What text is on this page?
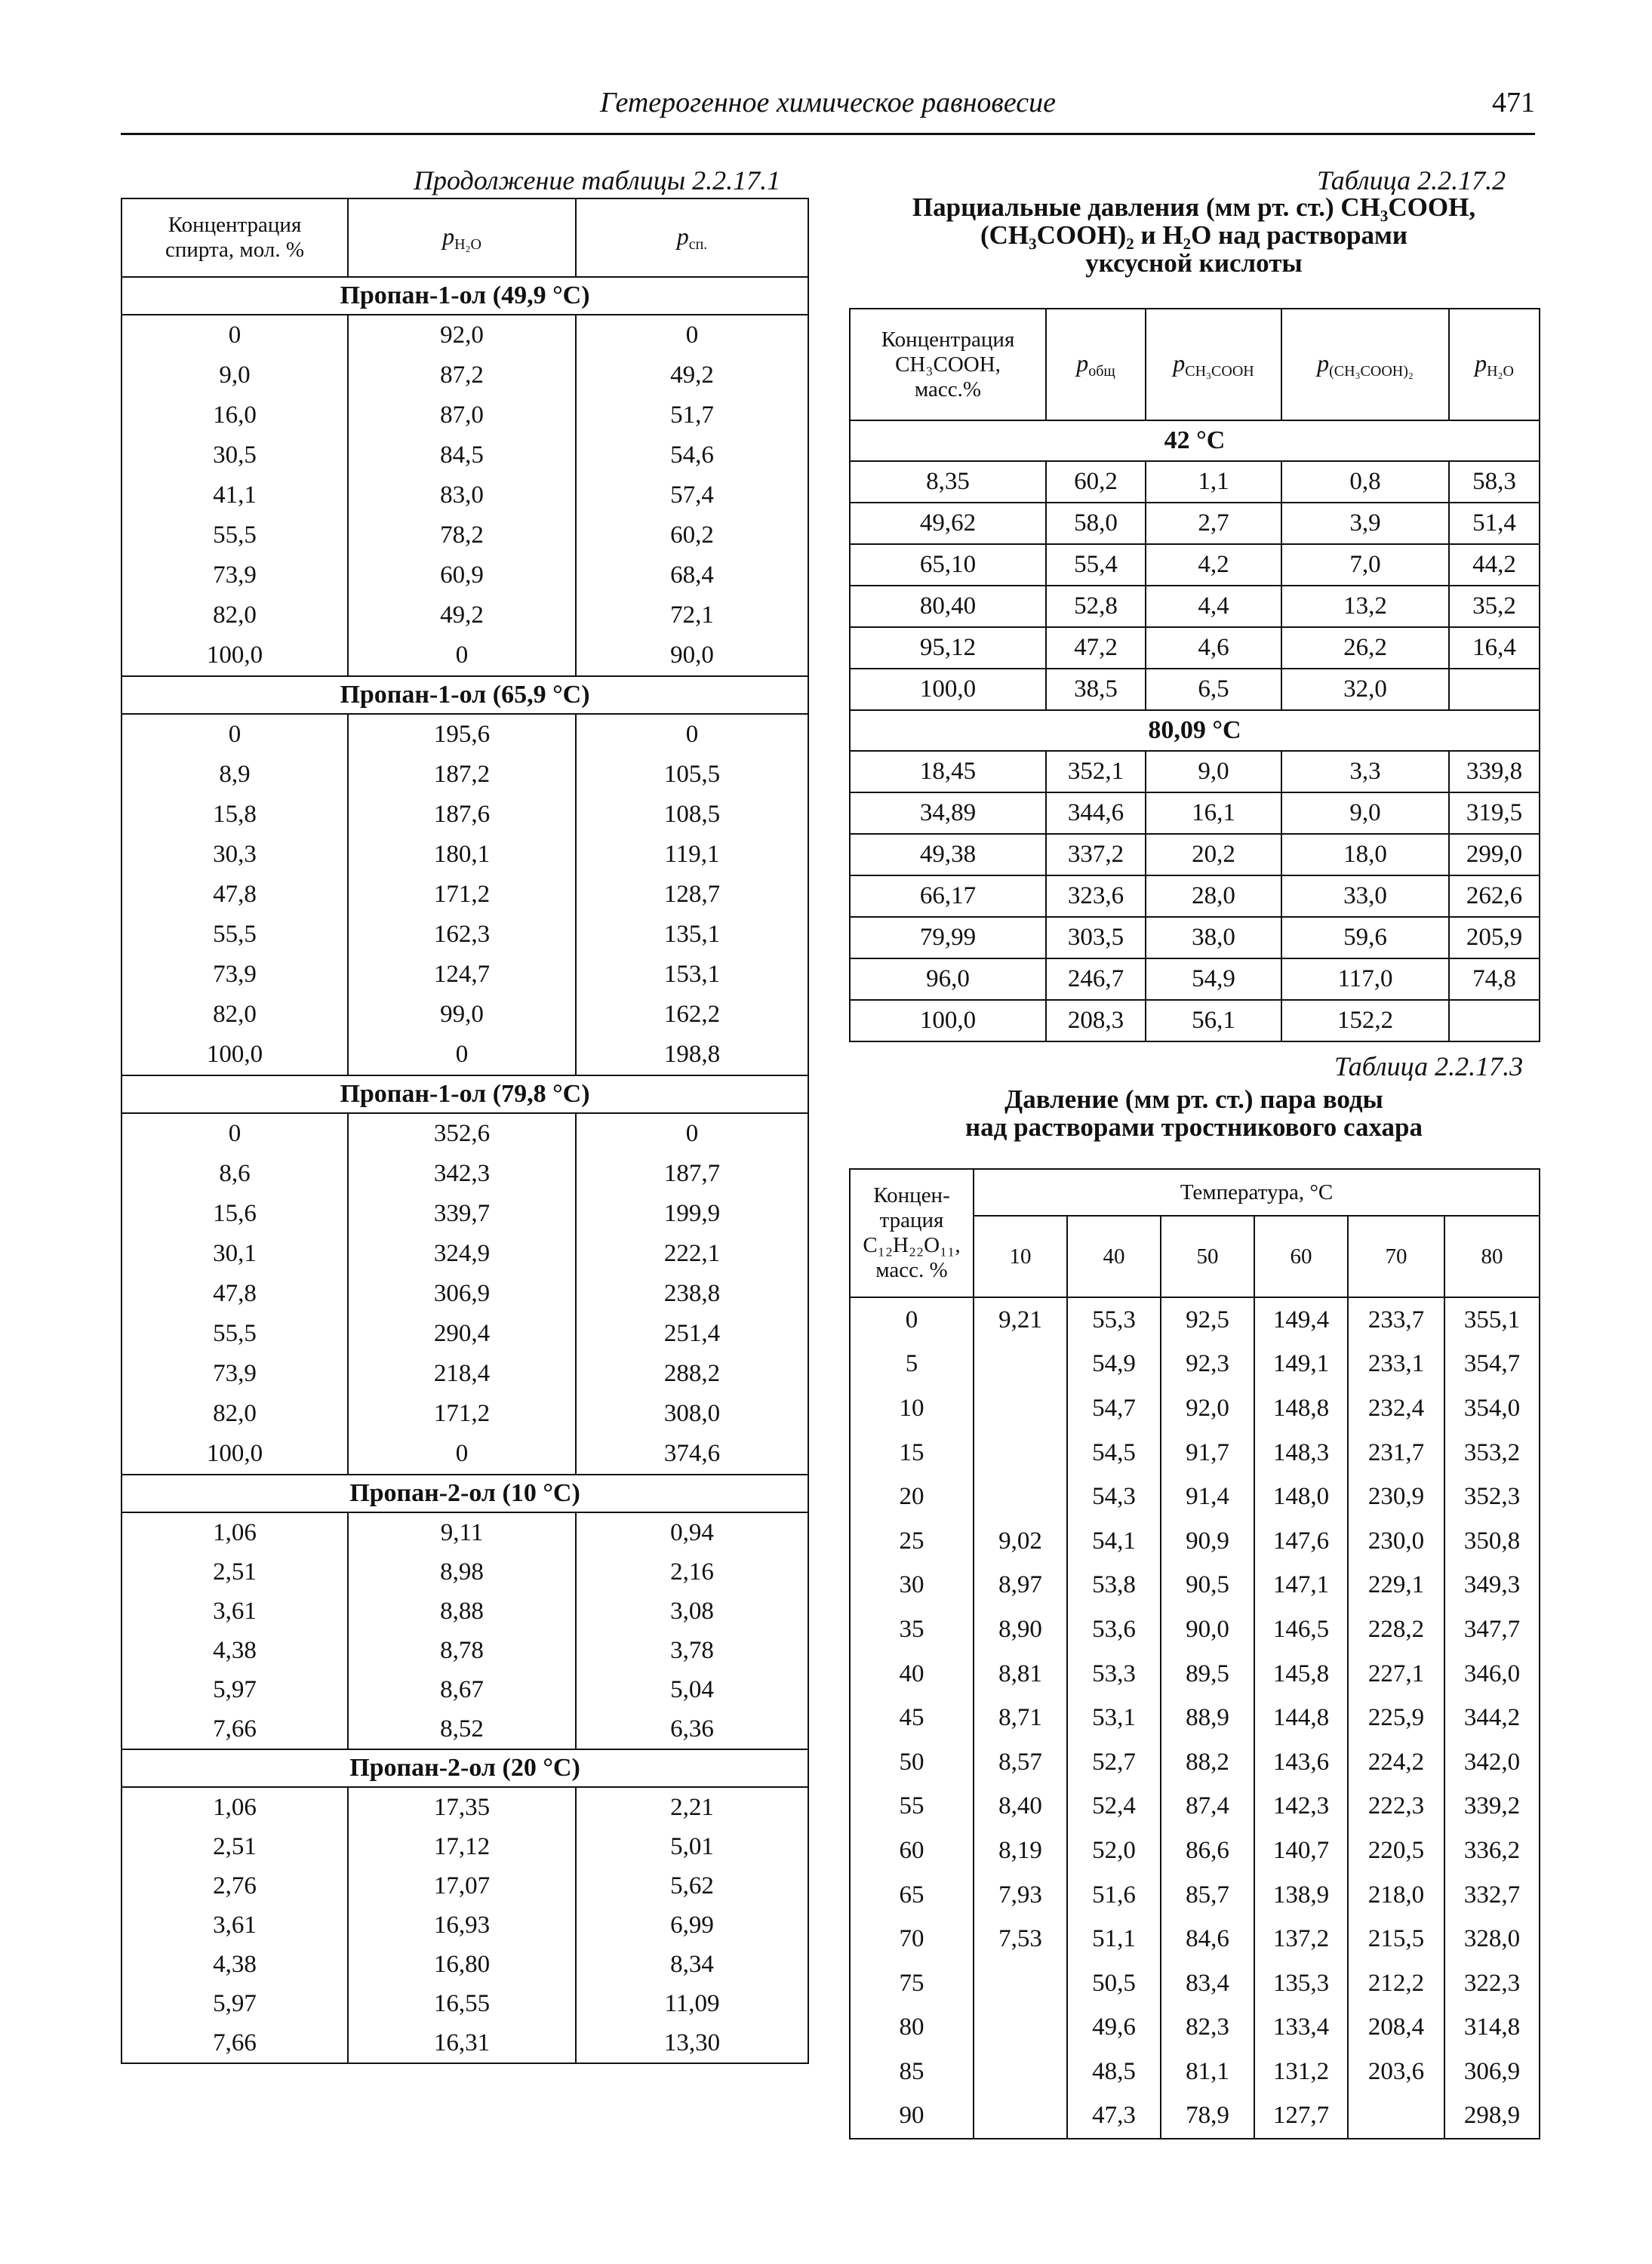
Гетерогенное химическое равновесие	471
Продолжение таблицы 2.2.17.1
Концентрация
спирта, мол. %	$p_{H_2O}$	$p_{сп.}$
Пропан-1-ол (49,9 °С)		
0	92,0	0
9,0	87,2	49,2
16,0	87,0	51,7
30,5	84,5	54,6
41,1	83,0	57,4
55,5	78,2	60,2
73,9	60,9	68,4
82,0	49,2	72,1
100,0	0	90,0
Пропан-1-ол (65,9 °С)		
0	195,6	0
8,9	187,2	105,5
15,8	187,6	108,5
30,3	180,1	119,1
47,8	171,2	128,7
55,5	162,3	135,1
73,9	124,7	153,1
82,0	99,0	162,2
100,0	0	198,8
Пропан-1-ол (79,8 °С)		
0	352,6	0
8,6	342,3	187,7
15,6	339,7	199,9
30,1	324,9	222,1
47,8	306,9	238,8
55,5	290,4	251,4
73,9	218,4	288,2
82,0	171,2	308,0
100,0	0	374,6
Пропан-2-ол (10 °С)		
1,06	9,11	0,94
2,51	8,98	2,16
3,61	8,88	3,08
4,38	8,78	3,78
5,97	8,67	5,04
7,66	8,52	6,36
Пропан-2-ол (20 °С)		
1,06	17,35	2,21
2,51	17,12	5,01
2,76	17,07	5,62
3,61	16,93	6,99
4,38	16,80	8,34
5,97	16,55	11,09
7,66	16,31	13,30
Таблица 2.2.17.2
Парциальные давления (мм рт. ст.) CH₃COOH,
(CH₃COOH)₂ и H₂O над растворами
уксусной кислоты
Концентрация
CH₃COOH,
масс.%	$p_{общ}$	$p_{CH_3COOH}$	$p_{(CH_3COOH)_2}$	$p_{H_2O}$
42 °С				
8,35	60,2	1,1	0,8	58,3
49,62	58,0	2,7	3,9	51,4
65,10	55,4	4,2	7,0	44,2
80,40	52,8	4,4	13,2	35,2
95,12	47,2	4,6	26,2	16,4
100,0	38,5	6,5	32,0	
80,09 °С				
18,45	352,1	9,0	3,3	339,8
34,89	344,6	16,1	9,0	319,5
49,38	337,2	20,2	18,0	299,0
66,17	323,6	28,0	33,0	262,6
79,99	303,5	38,0	59,6	205,9
96,0	246,7	54,9	117,0	74,8
100,0	208,3	56,1	152,2	
Таблица 2.2.17.3
Давление (мм рт. ст.) пара воды
над растворами тростникового сахара
Концен-
трация
C₁₂H₂₂O₁₁,
масс. %	Температура, °С					
	10	40	50	60	70	80
0	9,21	55,3	92,5	149,4	233,7	355,1
5		54,9	92,3	149,1	233,1	354,7
10		54,7	92,0	148,8	232,4	354,0
15		54,5	91,7	148,3	231,7	353,2
20		54,3	91,4	148,0	230,9	352,3
25	9,02	54,1	90,9	147,6	230,0	350,8
30	8,97	53,8	90,5	147,1	229,1	349,3
35	8,90	53,6	90,0	146,5	228,2	347,7
40	8,81	53,3	89,5	145,8	227,1	346,0
45	8,71	53,1	88,9	144,8	225,9	344,2
50	8,57	52,7	88,2	143,6	224,2	342,0
55	8,40	52,4	87,4	142,3	222,3	339,2
60	8,19	52,0	86,6	140,7	220,5	336,2
65	7,93	51,6	85,7	138,9	218,0	332,7
70	7,53	51,1	84,6	137,2	215,5	328,0
75		50,5	83,4	135,3	212,2	322,3
80		49,6	82,3	133,4	208,4	314,8
85		48,5	81,1	131,2	203,6	306,9
90		47,3	78,9	127,7		298,9
